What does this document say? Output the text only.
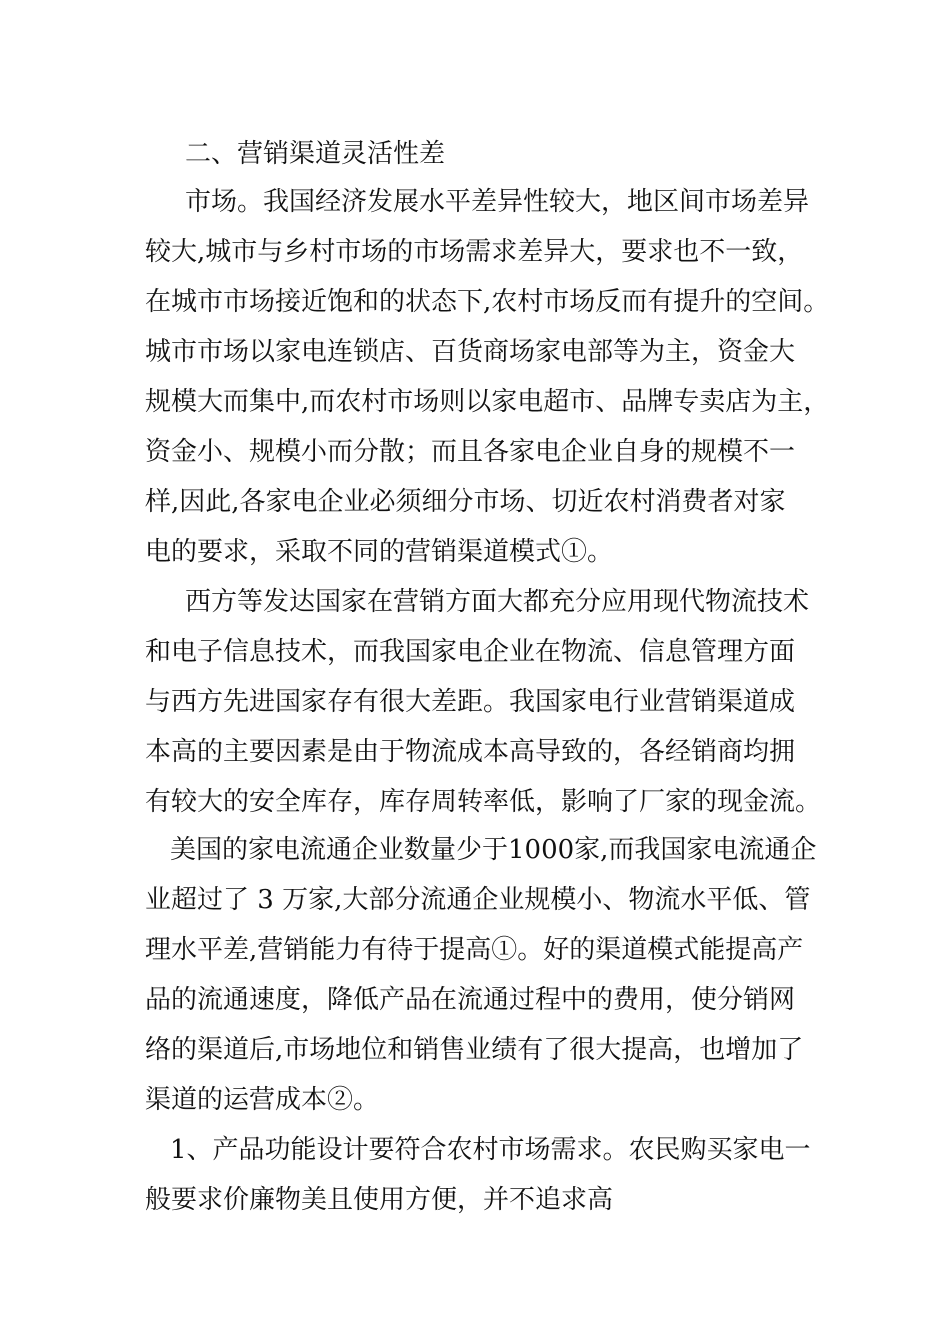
二、营销渠道灵活性差
市场。我国经济发展水平差异性较大，地区间市场差异
较大,城市与乡村市场的市场需求差异大，要求也不一致，
在城市市场接近饱和的状态下,农村市场反而有提升的空间。
城市市场以家电连锁店、百货商场家电部等为主，资金大
规模大而集中,而农村市场则以家电超市、品牌专卖店为主，
资金小、规模小而分散；而且各家电企业自身的规模不一
样,因此,各家电企业必须细分市场、切近农村消费者对家
电的要求，采取不同的营销渠道模式①。
西方等发达国家在营销方面大都充分应用现代物流技术
和电子信息技术，而我国家电企业在物流、信息管理方面
与西方先进国家存有很大差距。我国家电行业营销渠道成
本高的主要因素是由于物流成本高导致的，各经销商均拥
有较大的安全库存，库存周转率低，影响了厂家的现金流。
美国的家电流通企业数量少于1000家,而我国家电流通企
业超过了 3 万家,大部分流通企业规模小、物流水平低、管
理水平差,营销能力有待于提高①。好的渠道模式能提高产
品的流通速度，降低产品在流通过程中的费用，使分销网
络的渠道后,市场地位和销售业绩有了很大提高，也增加了
渠道的运营成本②。
1、产品功能设计要符合农村市场需求。农民购买家电一
般要求价廉物美且使用方便，并不追求高
